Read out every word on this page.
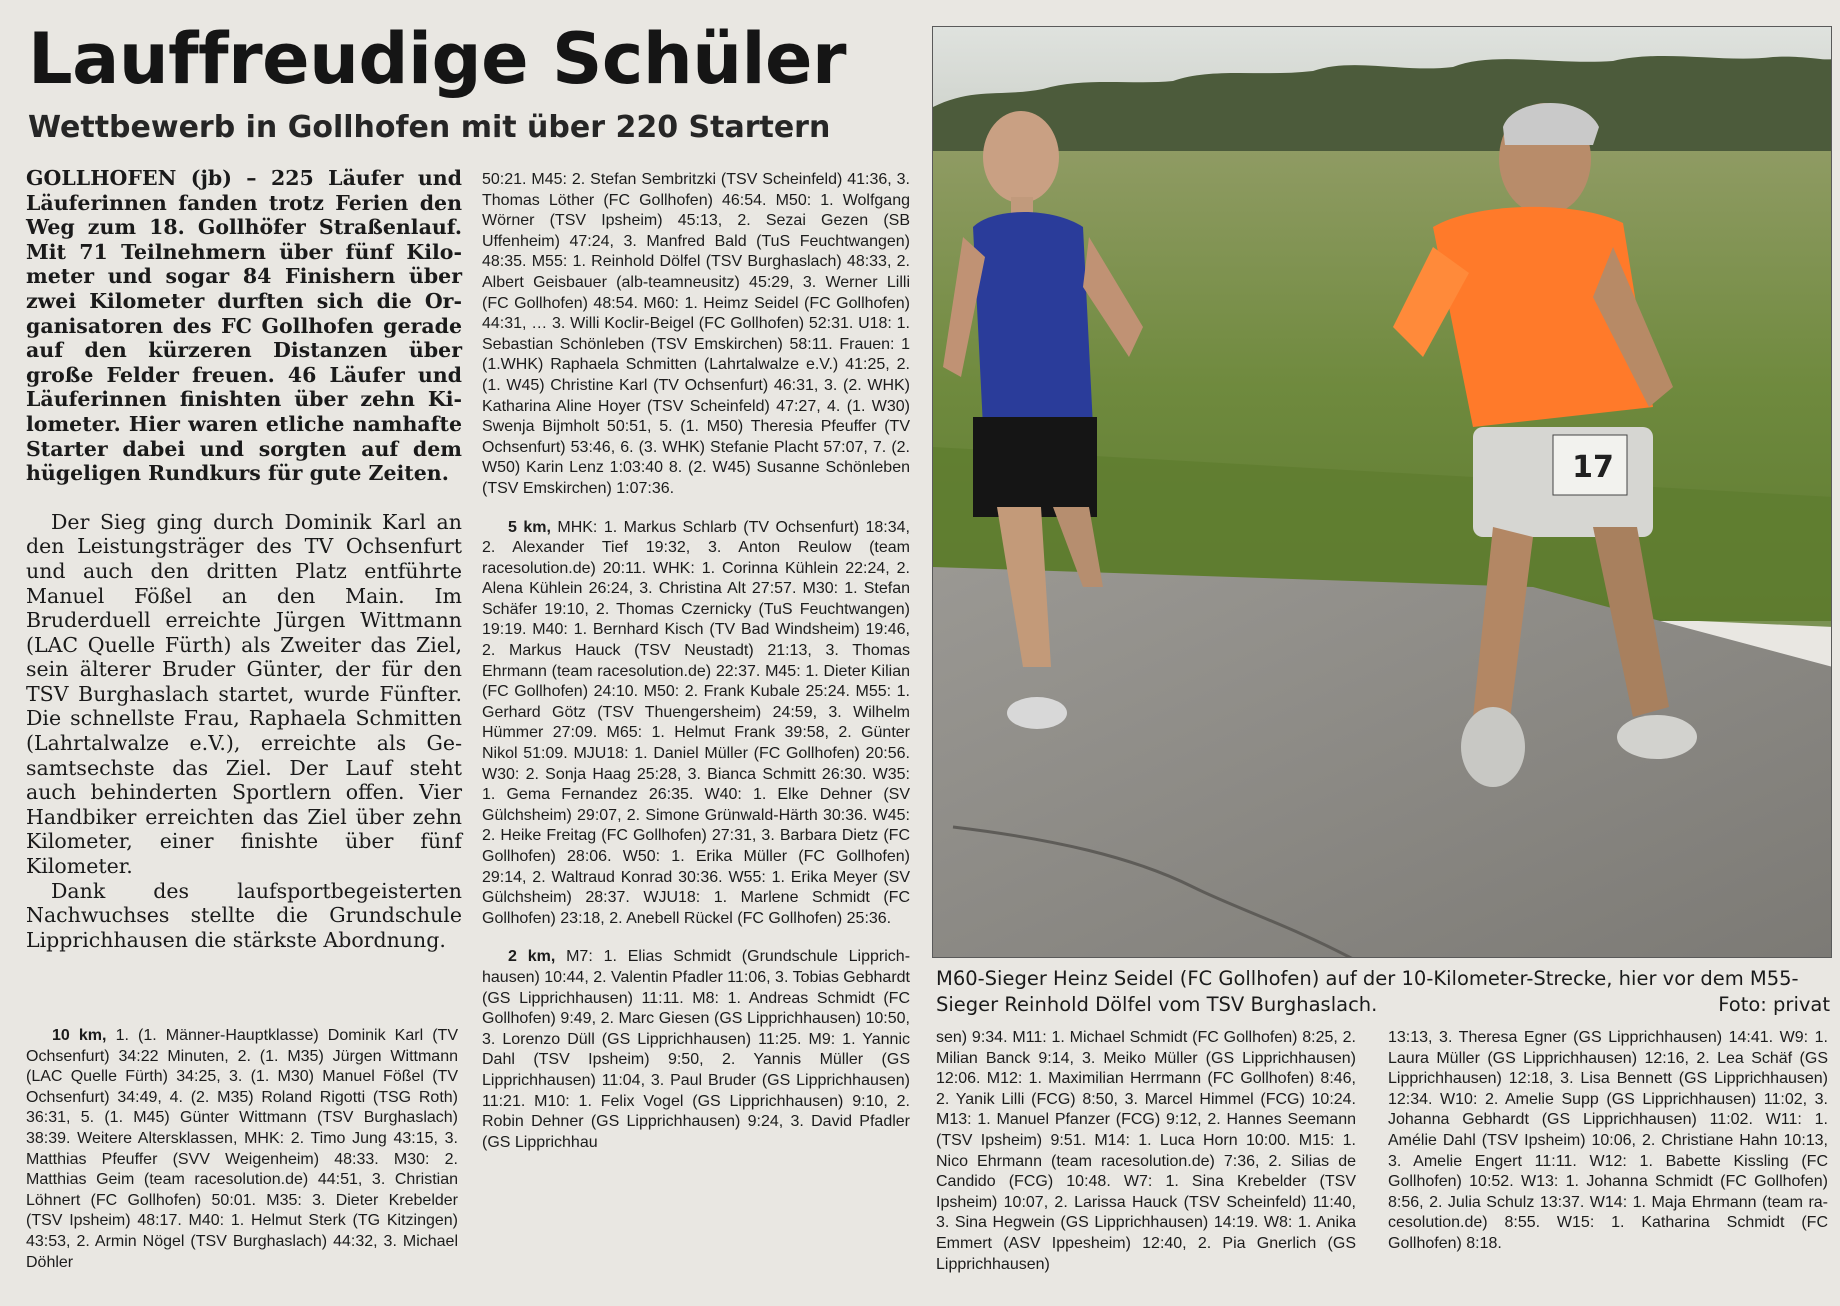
Lauffreudige Schüler
Wettbewerb in Gollhofen mit über 220 Startern

GOLLHOFEN (jb) – 225 Läufer und Läuferinnen fanden trotz Ferien den Weg zum 18. Gollhöfer Straßenlauf. Mit 71 Teilnehmern über fünf Kilometer und sogar 84 Finishern über zwei Kilometer durften sich die Organisatoren des FC Gollhofen gerade auf den kürzeren Distanzen über große Felder freuen. 46 Läufer und Läuferinnen finishten über zehn Kilometer. Hier waren etliche namhafte Starter dabei und sorgten auf dem hügeligen Rundkurs für gute Zeiten.

Der Sieg ging durch Dominik Karl an den Leistungsträger des TV Ochsenfurt und auch den dritten Platz entführte Manuel Fößel an den Main. Im Bruderduell erreichte Jürgen Wittmann (LAC Quelle Fürth) als Zweiter das Ziel, sein älterer Bruder Günter, der für den TSV Burghaslach startet, wurde Fünfter. Die schnellste Frau, Raphaela Schmitten (Lahrtalwalze e.V.), erreichte als Gesamtsechste das Ziel. Der Lauf steht auch behinderten Sportlern offen. Vier Handbiker erreichten das Ziel über zehn Kilometer, einer finishte über fünf Kilometer.

Dank des laufsportbegeisterten Nachwuchses stellte die Grundschule Lipprichhausen die stärkste Abordnung.

10 km, 1. (1. Männer-Hauptklasse) Dominik Karl (TV Ochsenfurt) 34:22 Minuten, 2. (1. M35) Jürgen Wittmann (LAC Quelle Fürth) 34:25, 3. (1. M30) Manuel Fößel (TV Ochsenfurt) 34:49, 4. (2. M35) Roland Rigotti (TSG Roth) 36:31, 5. (1. M45) Günter Wittmann (TSV Burghaslach) 38:39. Weitere Altersklassen, MHK: 2. Timo Jung 43:15, 3. Matthias Pfeuffer (SVV Weigenheim) 48:33. M30: 2. Matthias Geim (team racesolution.de) 44:51, 3. Christian Löhnert (FC Gollhofen) 50:01. M35: 3. Dieter Krebelder (TSV Ipsheim) 48:17. M40: 1. Helmut Sterk (TG Kitzingen) 43:53, 2. Armin Nögel (TSV Burghaslach) 44:32, 3. Michael Döhler

50:21. M45: 2. Stefan Sembritzki (TSV Scheinfeld) 41:36, 3. Thomas Löther (FC Gollhofen) 46:54. M50: 1. Wolfgang Wörner (TSV Ipsheim) 45:13, 2. Sezai Gezen (SB Uffenheim) 47:24, 3. Manfred Bald (TuS Feuchtwangen) 48:35. M55: 1. Reinhold Dölfel (TSV Burghaslach) 48:33, 2. Albert Geisbauer (alb-teamneusitz) 45:29, 3. Werner Lilli (FC Gollhofen) 48:54. M60: 1. Heimz Seidel (FC Gollhofen) 44:31, … 3. Willi Koclir-Beigel (FC Gollhofen) 52:31. U18: 1. Sebastian Schönleben (TSV Emskirchen) 58:11. Frauen: 1 (1.WHK) Raphaela Schmitten (Lahrtalwalze e.V.) 41:25, 2. (1. W45) Christine Karl (TV Ochsenfurt) 46:31, 3. (2. WHK) Katharina Aline Hoyer (TSV Scheinfeld) 47:27, 4. (1. W30) Swenja Bijmholt 50:51, 5. (1. M50) Theresia Pfeuffer (TV Ochsenfurt) 53:46, 6. (3. WHK) Stefanie Placht 57:07, 7. (2. W50) Karin Lenz 1:03:40 8. (2. W45) Susanne Schönleben (TSV Emskirchen) 1:07:36.

5 km, MHK: 1. Markus Schlarb (TV Ochsenfurt) 18:34, 2. Alexander Tief 19:32, 3. Anton Reulow (team racesolution.de) 20:11. WHK: 1. Corinna Kühlein 22:24, 2. Alena Kühlein 26:24, 3. Christina Alt 27:57. M30: 1. Stefan Schäfer 19:10, 2. Thomas Czernicky (TuS Feuchtwangen) 19:19. M40: 1. Bernhard Kisch (TV Bad Windsheim) 19:46, 2. Markus Hauck (TSV Neustadt) 21:13, 3. Thomas Ehrmann (team racesolution.de) 22:37. M45: 1. Dieter Kilian (FC Gollhofen) 24:10. M50: 2. Frank Kubale 25:24. M55: 1. Gerhard Götz (TSV Thuengersheim) 24:59, 3. Wilhelm Hümmer 27:09. M65: 1. Helmut Frank 39:58, 2. Günter Nikol 51:09. MJU18: 1. Daniel Müller (FC Gollhofen) 20:56. W30: 2. Sonja Haag 25:28, 3. Bianca Schmitt 26:30. W35: 1. Gema Fernandez 26:35. W40: 1. Elke Dehner (SV Gülchsheim) 29:07, 2. Simone Grünwald-Härth 30:36. W45: 2. Heike Freitag (FC Gollhofen) 27:31, 3. Barbara Dietz (FC Gollhofen) 28:06. W50: 1. Erika Müller (FC Gollhofen) 29:14, 2. Waltraud Konrad 30:36. W55: 1. Erika Meyer (SV Gülchsheim) 28:37. WJU18: 1. Marlene Schmidt (FC Gollhofen) 23:18, 2. Anebell Rückel (FC Gollhofen) 25:36.

2 km, M7: 1. Elias Schmidt (Grundschule Lipprichhausen) 10:44, 2. Valentin Pfadler 11:06, 3. Tobias Gebhardt (GS Lipprichhausen) 11:11. M8: 1. Andreas Schmidt (FC Gollhofen) 9:49, 2. Marc Giesen (GS Lipprichhausen) 10:50, 3. Lorenzo Düll (GS Lipprichhausen) 11:25. M9: 1. Yannic Dahl (TSV Ipsheim) 9:50, 2. Yannis Müller (GS Lipprichhausen) 11:04, 3. Paul Bruder (GS Lipprichhausen) 11:21. M10: 1. Felix Vogel (GS Lipprichhausen) 9:10, 2. Robin Dehner (GS Lipprichhausen) 9:24, 3. David Pfadler (GS Lipprichhau

sen) 9:34. M11: 1. Michael Schmidt (FC Gollhofen) 8:25, 2. Milian Banck 9:14, 3. Meiko Müller (GS Lipprichhausen) 12:06. M12: 1. Maximilian Herrmann (FC Gollhofen) 8:46, 2. Yanik Lilli (FCG) 8:50, 3. Marcel Himmel (FCG) 10:24. M13: 1. Manuel Pfanzer (FCG) 9:12, 2. Hannes Seemann (TSV Ipsheim) 9:51. M14: 1. Luca Horn 10:00. M15: 1. Nico Ehrmann (team racesolution.de) 7:36, 2. Silias de Candido (FCG) 10:48. W7: 1. Sina Krebelder (TSV Ipsheim) 10:07, 2. Larissa Hauck (TSV Scheinfeld) 11:40, 3. Sina Hegwein (GS Lipprichhausen) 14:19. W8: 1. Anika Emmert (ASV Ippesheim) 12:40, 2. Pia Gnerlich (GS Lipprichhausen)

13:13, 3. Theresa Egner (GS Lipprichhausen) 14:41. W9: 1. Laura Müller (GS Lipprichhausen) 12:16, 2. Lea Schäf (GS Lipprichhausen) 12:18, 3. Lisa Bennett (GS Lipprichhausen) 12:34. W10: 2. Amelie Supp (GS Lipprichhausen) 11:02, 3. Johanna Gebhardt (GS Lipprichhausen) 11:02. W11: 1. Amélie Dahl (TSV Ipsheim) 10:06, 2. Christiane Hahn 10:13, 3. Amelie Engert 11:11. W12: 1. Babette Kissling (FC Gollhofen) 10:52. W13: 1. Johanna Schmidt (FC Gollhofen) 8:56, 2. Julia Schulz 13:37. W14: 1. Maja Ehrmann (team racesolution.de) 8:55. W15: 1. Katharina Schmidt (FC Gollhofen) 8:18.

17

M60-Sieger Heinz Seidel (FC Gollhofen) auf der 10-Kilometer-Strecke, hier vor dem M55-Sieger Reinhold Dölfel vom TSV Burghaslach.	Foto: privat
